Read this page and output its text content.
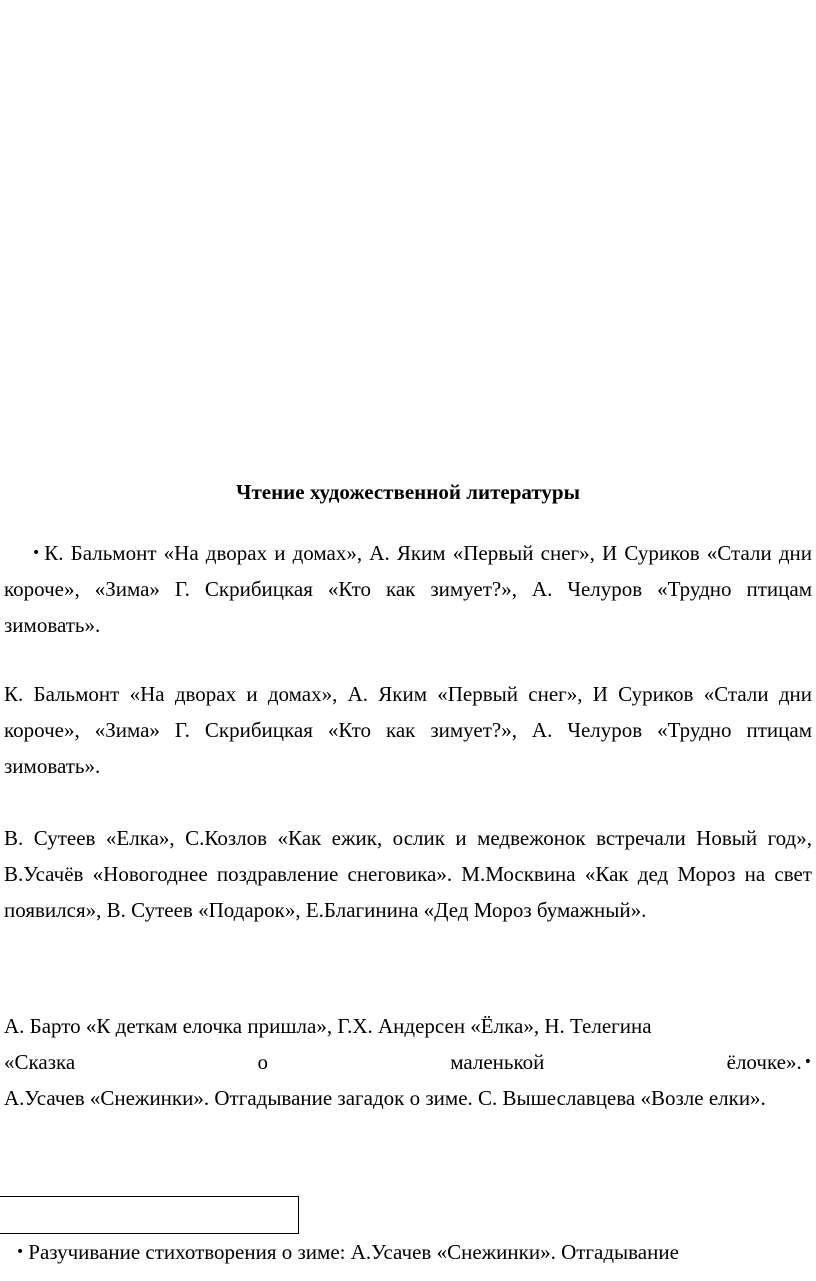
Чтение художественной литературы
• К. Бальмонт «На дворах и домах», А. Яким «Первый снег», И Суриков «Стали дни короче», «Зима» Г. Скрибицкая «Кто как зимует?», А. Челуров «Трудно птицам зимовать».
К. Бальмонт «На дворах и домах», А. Яким «Первый снег», И Суриков «Стали дни короче», «Зима» Г. Скрибицкая «Кто как зимует?», А. Челуров «Трудно птицам зимовать».
В. Сутеев «Елка», С.Козлов «Как ежик, ослик и медвежонок встречали Новый год», В.Усачёв «Новогоднее поздравление снеговика». М.Москвина «Как дед Мороз на свет появился», В. Сутеев «Подарок», Е.Благинина «Дед Мороз бумажный».
А. Барто «К деткам елочка пришла», Г.Х. Андерсен «Ёлка», Н. Телегина
«Сказка	о	маленькой	ёлочке». •
А.Усачев «Снежинки». Отгадывание загадок о зиме. С. Вышеславцева «Возле елки».
• Разучивание стихотворения о зиме: А.Усачев «Снежинки». Отгадывание
